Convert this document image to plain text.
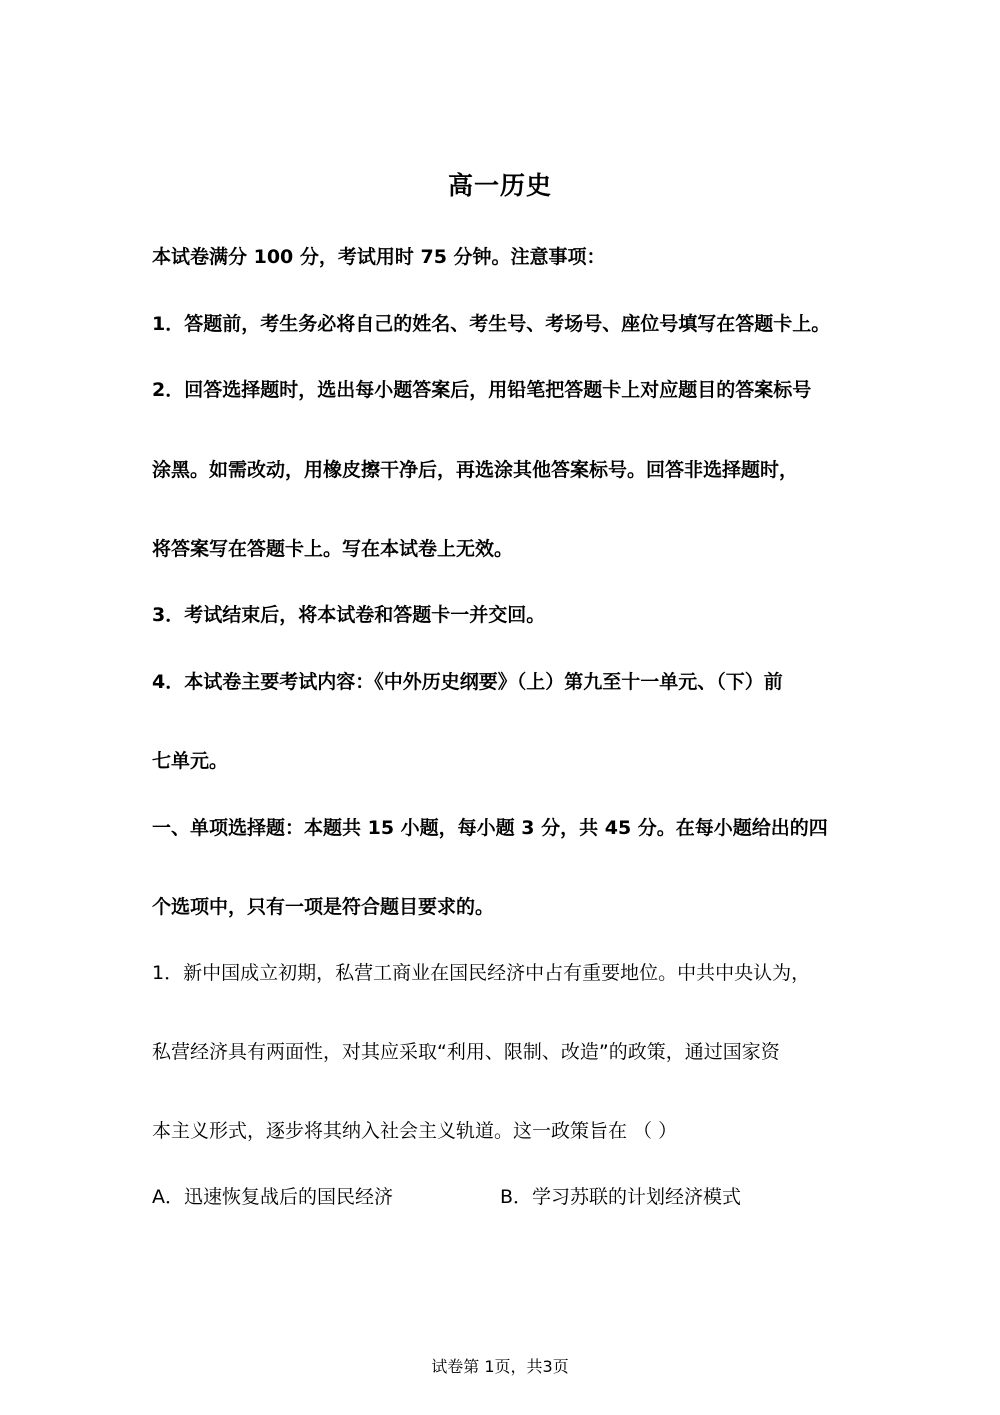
高一历史
本试卷满分 100 分，考试用时 75 分钟。注意事项：
1．答题前，考生务必将自己的姓名、考生号、考场号、座位号填写在答题卡上。
2．回答选择题时，选出每小题答案后，用铅笔把答题卡上对应题目的答案标号
涂黑。如需改动，用橡皮擦干净后，再选涂其他答案标号。回答非选择题时，
将答案写在答题卡上。写在本试卷上无效。
3．考试结束后，将本试卷和答题卡一并交回。
4．本试卷主要考试内容：《中外历史纲要》（上）第九至十一单元、（下）前
七单元。
一、单项选择题：本题共 15 小题，每小题 3 分，共 45 分。在每小题给出的四
个选项中，只有一项是符合题目要求的。
1．新中国成立初期，私营工商业在国民经济中占有重要地位。中共中央认为，
私营经济具有两面性，对其应采取“利用、限制、改造”的政策，通过国家资
本主义形式，逐步将其纳入社会主义轨道。这一政策旨在 （ ）
A．迅速恢复战后的国民经济	B．学习苏联的计划经济模式
试卷第 1页，共3页
